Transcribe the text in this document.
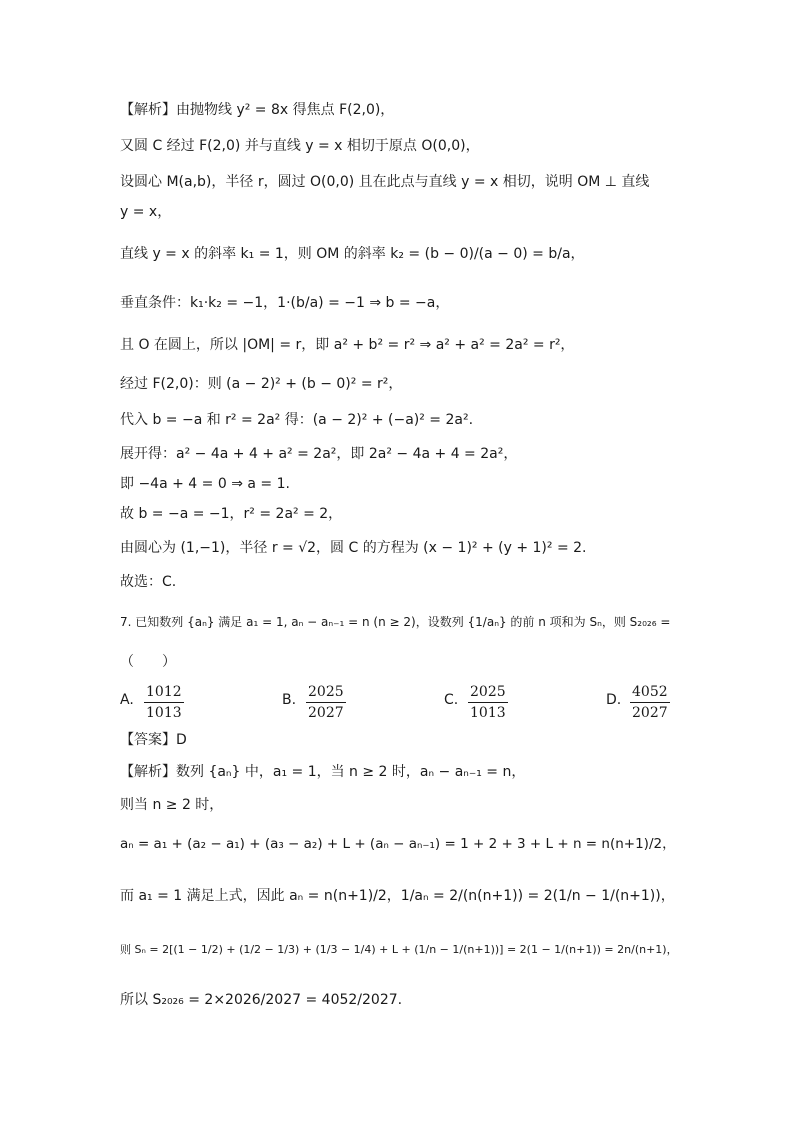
【解析】由抛物线 y² = 8x 得焦点 F(2,0)，
又圆 C 经过 F(2,0) 并与直线 y = x 相切于原点 O(0,0)，
设圆心 M(a,b)，半径 r，圆过 O(0,0) 且在此点与直线 y = x 相切，说明 OM ⊥ 直线
y = x，
直线 y = x 的斜率 k₁ = 1，则 OM 的斜率 k₂ = (b − 0)/(a − 0) = b/a，
垂直条件：k₁·k₂ = −1，1·(b/a) = −1 ⇒ b = −a，
且 O 在圆上，所以 |OM| = r，即 a² + b² = r² ⇒ a² + a² = 2a² = r²，
经过 F(2,0)：则 (a − 2)² + (b − 0)² = r²，
代入 b = −a 和 r² = 2a² 得：(a − 2)² + (−a)² = 2a².
展开得：a² − 4a + 4 + a² = 2a²，即 2a² − 4a + 4 = 2a²，
即 −4a + 4 = 0 ⇒ a = 1.
故 b = −a = −1，r² = 2a² = 2，
由圆心为 (1,−1)，半径 r = √2，圆 C 的方程为 (x − 1)² + (y + 1)² = 2.
故选：C.
7. 已知数列 {aₙ} 满足 a₁ = 1, aₙ − aₙ₋₁ = n (n ≥ 2)，设数列 {1/aₙ} 的前 n 项和为 Sₙ，则 S₂₀₂₆ =
（　　）
A. $\frac{1012}{1013}$	B. $\frac{2025}{2027}$	C. $\frac{2025}{1013}$	D. $\frac{4052}{2027}$
【答案】D
【解析】数列 {aₙ} 中，a₁ = 1，当 n ≥ 2 时，aₙ − aₙ₋₁ = n，
则当 n ≥ 2 时，
aₙ = a₁ + (a₂ − a₁) + (a₃ − a₂) + L + (aₙ − aₙ₋₁) = 1 + 2 + 3 + L + n = n(n+1)/2，
而 a₁ = 1 满足上式，因此 aₙ = n(n+1)/2，1/aₙ = 2/(n(n+1)) = 2(1/n − 1/(n+1))，
则 Sₙ = 2[(1 − 1/2) + (1/2 − 1/3) + (1/3 − 1/4) + L + (1/n − 1/(n+1))] = 2(1 − 1/(n+1)) = 2n/(n+1)，
所以 S₂₀₂₆ = 2×2026/2027 = 4052/2027.
